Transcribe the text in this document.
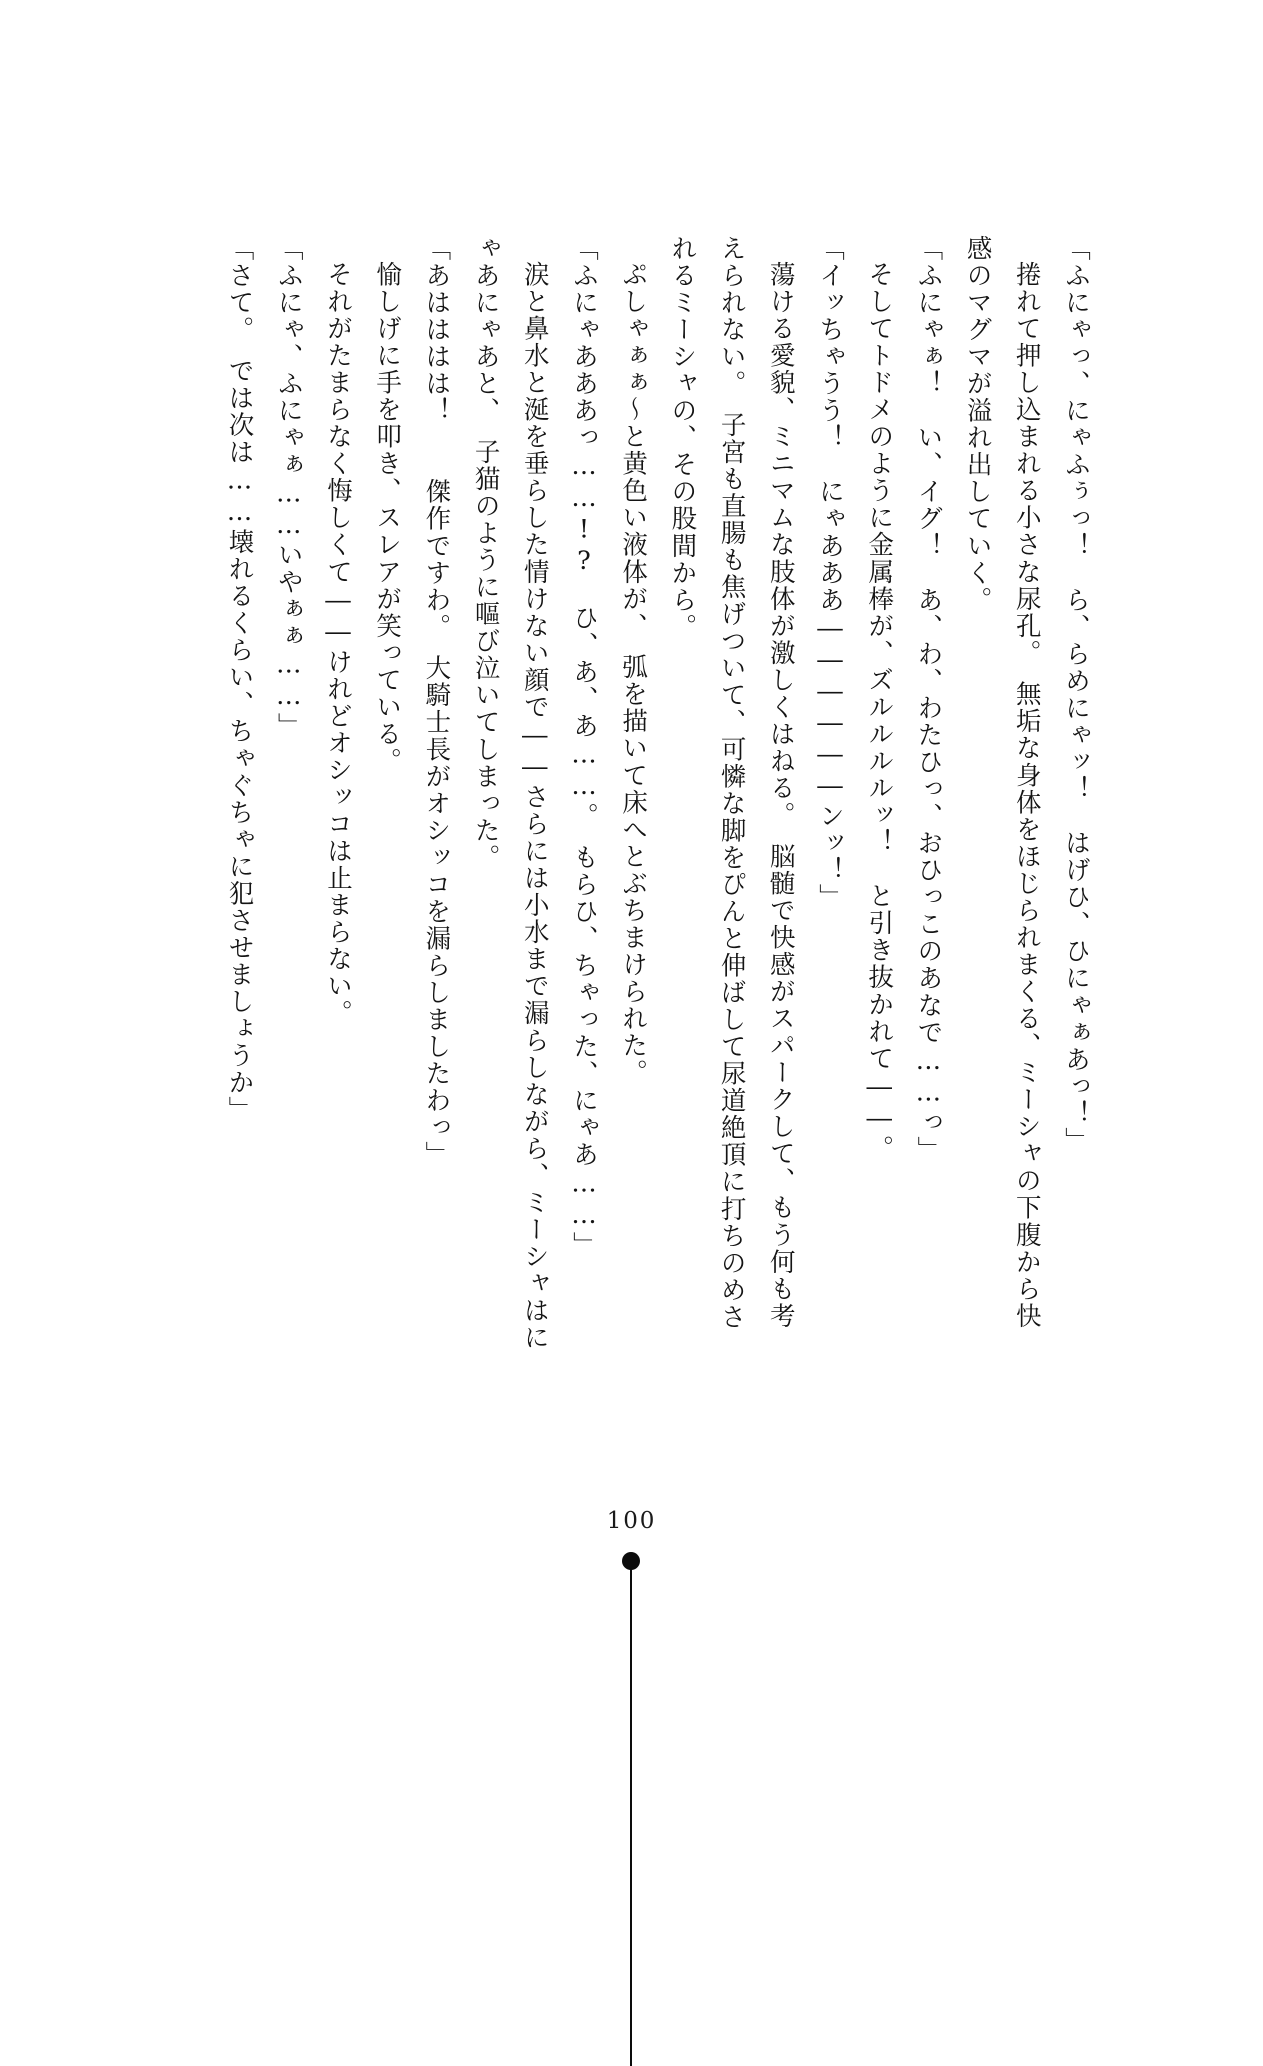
「ふにゃっ、にゃふぅっ！　ら、らめにゃッ！　はげひ、ひにゃぁあっ！」

捲れて押し込まれる小さな尿孔。　無垢な身体をほじられまくる、ミーシャの下腹から快感のマグマが溢れ出していく。

「ふにゃぁ！　い、イグ！　あ、わ、わたひっ、おひっこのあなで……っ」

そしてトドメのように金属棒が、ズルルルルッ！　と引き抜かれて――。

「イッちゃうう！　にゃあああ――――――ンッ！」

蕩ける愛貌、ミニマムな肢体が激しくはねる。　脳髄で快感がスパークして、もう何も考えられない。　子宮も直腸も焦げついて、可憐な脚をぴんと伸ばして尿道絶頂に打ちのめされるミーシャの、その股間から。

ぷしゃぁぁ～と黄色い液体が、　弧を描いて床へとぶちまけられた。

「ふにゃあああっ……!?　ひ、あ、あ……。　もらひ、ちゃった、にゃあ……」

涙と鼻水と涎を垂らした情けない顔で――さらには小水まで漏らしながら、ミーシャはにゃあにゃあと、　子猫のように嘔び泣いてしまった。

「あはははは！　　傑作ですわ。　大騎士長がオシッコを漏らしましたわっ」

愉しげに手を叩き、スレアが笑っている。

それがたまらなく悔しくて――けれどオシッコは止まらない。

「ふにゃ、ふにゃぁ……いやぁぁ……」

「さて。　では次は……壊れるくらい、ちゃぐちゃに犯させましょうか」

100
